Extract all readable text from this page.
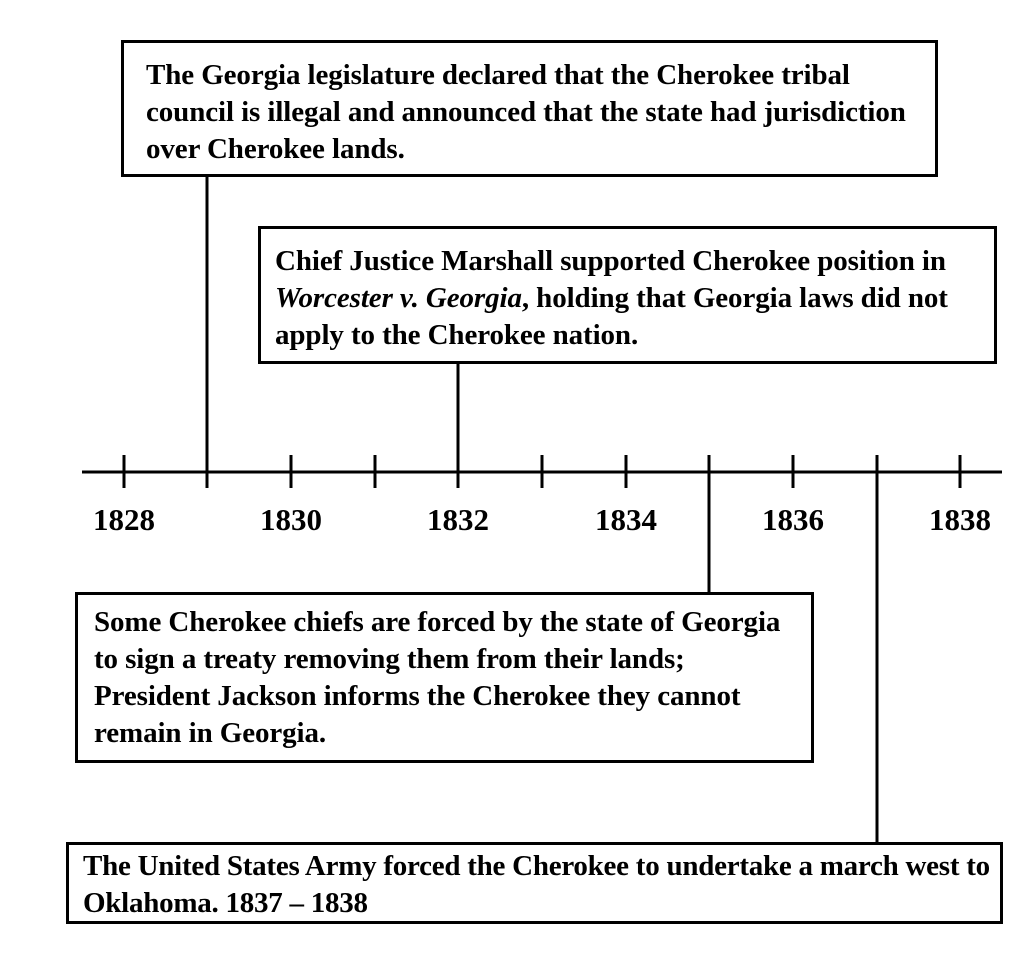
1828	1830	1832	1834	1836	1838
The Georgia legislature declared that the Cherokee tribal council is illegal and announced that the state had jurisdiction over Cherokee lands.
Chief Justice Marshall supported Cherokee position in Worcester v. Georgia, holding that Georgia laws did not apply to the Cherokee nation.
Some Cherokee chiefs are forced by the state of Georgia to sign a treaty removing them from their lands; President Jackson informs the Cherokee they cannot remain in Georgia.
The United States Army forced the Cherokee to undertake a march west to Oklahoma. 1837 – 1838
